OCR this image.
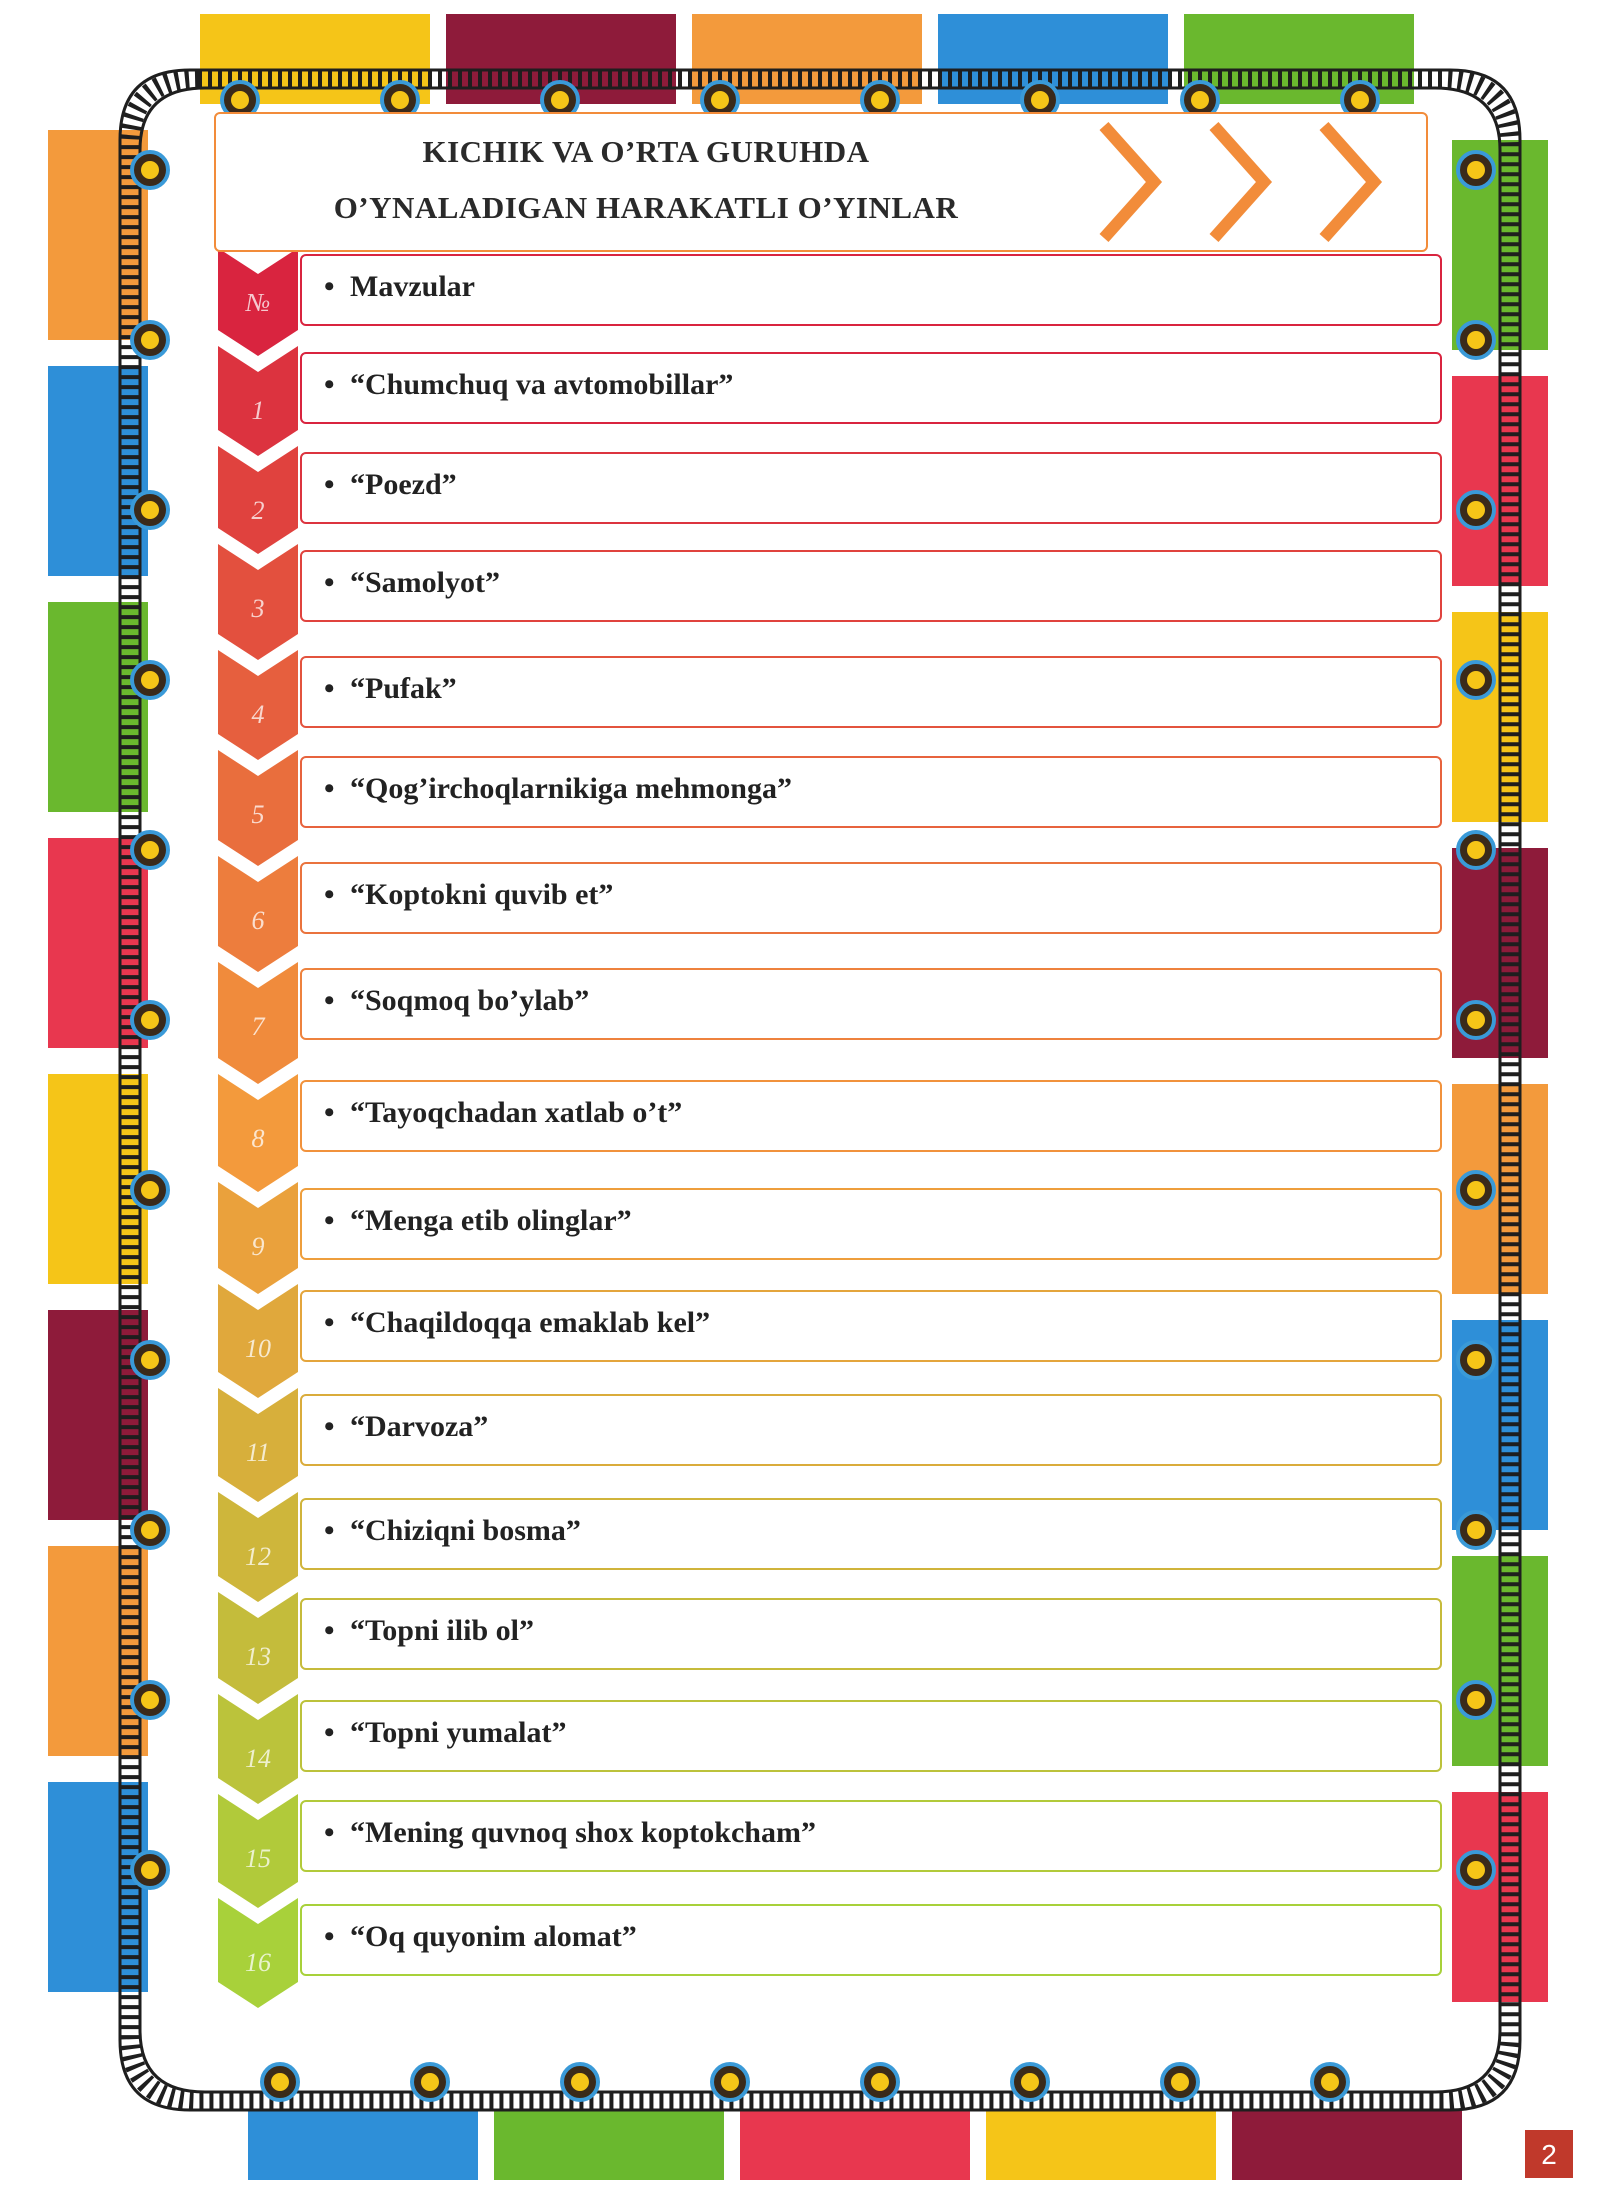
KICHIK VA O’RTA GURUHDA
O’YNALADIGAN HARAKATLI O’YINLAR
• Mavzular
№
• “Chumchuq va avtomobillar”
1
• “Poezd”
2
• “Samolyot”
3
• “Pufak”
4
• “Qog’irchoqlarnikiga mehmonga”
5
• “Koptokni quvib et”
6
• “Soqmoq bo’ylab”
7
• “Tayoqchadan xatlab o’t”
8
• “Menga etib olinglar”
9
• “Chaqildoqqa emaklab kel”
10
• “Darvoza”
11
• “Chiziqni bosma”
12
• “Topni ilib ol”
13
• “Topni yumalat”
14
• “Mening quvnoq shox koptokcham”
15
• “Oq quyonim alomat”
16
2
